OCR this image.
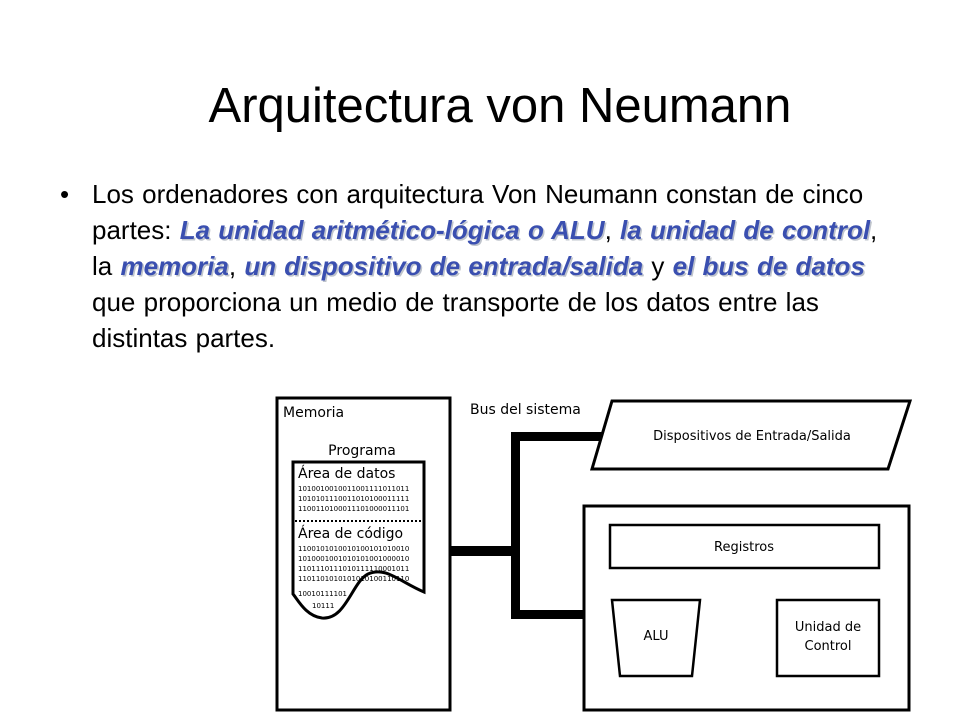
Arquitectura von Neumann
• Los ordenadores con arquitectura Von Neumann constan de cinco partes: La unidad aritmético-lógica o ALU, la unidad de control, la memoria, un dispositivo de entrada/salida y el bus de datos que proporciona un medio de transporte de los datos entre las distintas partes.
Memoria
Programa
Área de datos
1010010010011001111011011
1010101110011010100011111
1100110100011101000011101
Área de código
1100101010010100101010010
1010001001010101001000010
1101110111010111110001011
1101101010101010100110110
10010111101
10111
Bus del sistema
Dispositivos de Entrada/Salida
Registros
ALU
Unidad de
Control
